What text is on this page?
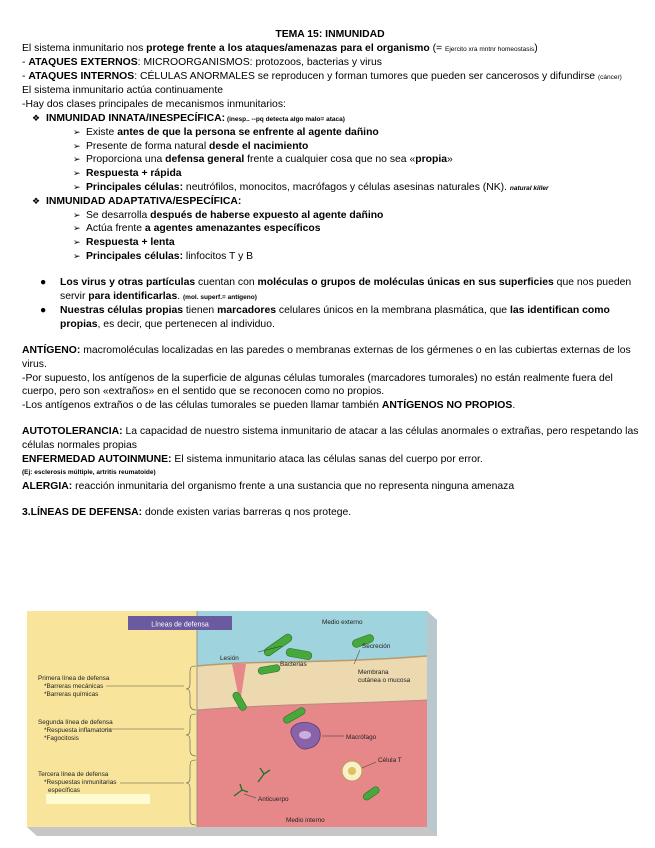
TEMA 15: INMUNIDAD

El sistema inmunitario nos protege frente a los ataques/amenazas para el organismo (= Ejercito xra mntnr homeostasis)

- ATAQUES EXTERNOS: MICROORGANISMOS: protozoos, bacterias y virus

- ATAQUES INTERNOS: CÉLULAS ANORMALES se reproducen y forman tumores que pueden ser cancerosos y difundirse (cáncer)

El sistema inmunitario actúa continuamente

-Hay dos clases principales de mecanismos inmunitarios:

❖ INMUNIDAD INNATA/INESPECÍFICA: (inesp.. --pq detecta algo malo= ataca)
➢ Existe antes de que la persona se enfrente al agente dañino
➢ Presente de forma natural desde el nacimiento
➢ Proporciona una defensa general frente a cualquier cosa que no sea «propia»
➢ Respuesta + rápida
➢ Principales células: neutrófilos, monocitos, macrófagos y células asesinas naturales (NK). natural killer
❖ INMUNIDAD ADAPTATIVA/ESPECÍFICA:
➢ Se desarrolla después de haberse expuesto al agente dañino
➢ Actúa frente a agentes amenazantes específicos
➢ Respuesta + lenta
➢ Principales células: linfocitos T y B
● Los virus y otras partículas cuentan con moléculas o grupos de moléculas únicas en sus superficies que nos pueden servir para identificarlas. (mol. superf.= antígeno)
● Nuestras células propias tienen marcadores celulares únicos en la membrana plasmática, que las identifican como propias, es decir, que pertenecen al individuo.

ANTÍGENO: macromoléculas localizadas en las paredes o membranas externas de los gérmenes o en las cubiertas externas de los virus.

-Por supuesto, los antígenos de la superficie de algunas células tumorales (marcadores tumorales) no están realmente fuera del cuerpo, pero son «extraños» en el sentido que se reconocen como no propios.

-Los antígenos extraños o de las células tumorales se pueden llamar también ANTÍGENOS NO PROPIOS.

AUTOTOLERANCIA: La capacidad de nuestro sistema inmunitario de atacar a las células anormales o extrañas, pero respetando las células normales propias

ENFERMEDAD AUTOINMUNE: El sistema inmunitario ataca las células sanas del cuerpo por error.

(Ej: esclerosis múltiple, artritis reumatoide)

ALERGIA: reacción inmunitaria del organismo frente a una sustancia que no representa ninguna amenaza

3.LÍNEAS DE DEFENSA: donde existen varias barreras q nos protege.

Líneas de defensa	Medio externo
Lesión
Bacterias
Secreción
Membrana
cutánea o mucosa
Primera línea de defensa
*Barreras mecánicas
*Barreras químicas
Segunda línea de defensa
*Respuesta inflamatoria
*Fagocitosis
Tercera línea de defensa
*Respuestas inmunitarias
específicas
Macrófago
Célula T
Anticuerpo
Medio interno
